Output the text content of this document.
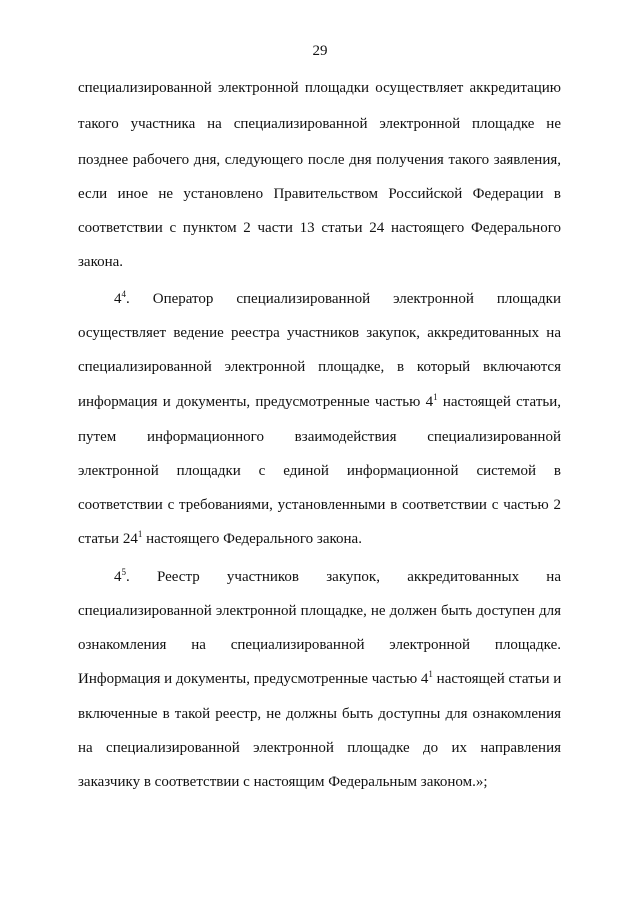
29
специализированной электронной площадки осуществляет аккредитацию
такого участника на специализированной электронной площадке не
позднее рабочего дня, следующего после дня получения такого заявления,
если иное не установлено Правительством Российской Федерации в
соответствии с пунктом 2 части 13 статьи 24 настоящего Федерального
закона.
$4^4$. Оператор специализированной электронной площадки
осуществляет ведение реестра участников закупок, аккредитованных на
специализированной электронной площадке, в который включаются
информация и документы, предусмотренные частью $4^1$ настоящей статьи,
путем информационного взаимодействия специализированной
электронной площадки с единой информационной системой в
соответствии с требованиями, установленными в соответствии с частью 2
статьи $24^1$ настоящего Федерального закона.
$4^5$. Реестр участников закупок, аккредитованных на
специализированной электронной площадке, не должен быть доступен для
ознакомления на специализированной электронной площадке.
Информация и документы, предусмотренные частью $4^1$ настоящей статьи и
включенные в такой реестр, не должны быть доступны для ознакомления
на специализированной электронной площадке до их направления
заказчику в соответствии с настоящим Федеральным законом.»;
